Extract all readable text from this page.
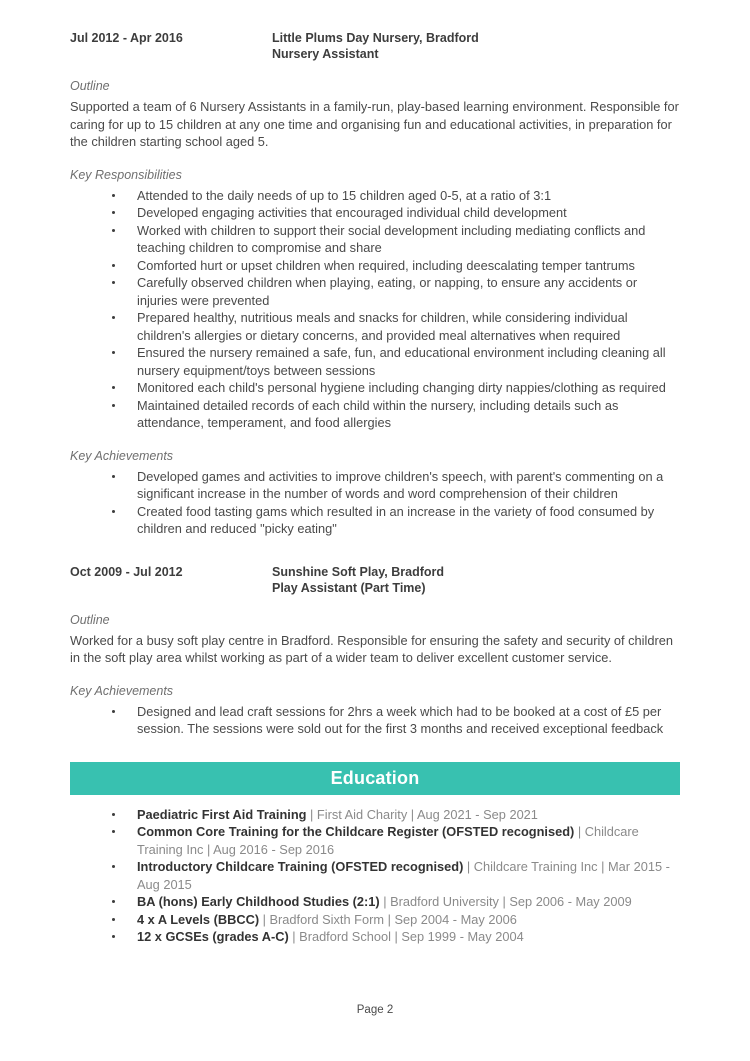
Jul 2012 - Apr 2016	Little Plums Day Nursery, Bradford
Nursery Assistant
Outline

Supported a team of 6 Nursery Assistants in a family-run, play-based learning environment. Responsible for caring for up to 15 children at any one time and organising fun and educational activities, in preparation for the children starting school aged 5.

Key Responsibilities
Attended to the daily needs of up to 15 children aged 0-5, at a ratio of 3:1
Developed engaging activities that encouraged individual child development
Worked with children to support their social development including mediating conflicts and teaching children to compromise and share
Comforted hurt or upset children when required, including deescalating temper tantrums
Carefully observed children when playing, eating, or napping, to ensure any accidents or injuries were prevented
Prepared healthy, nutritious meals and snacks for children, while considering individual children's allergies or dietary concerns, and provided meal alternatives when required
Ensured the nursery remained a safe, fun, and educational environment including cleaning all nursery equipment/toys between sessions
Monitored each child's personal hygiene including changing dirty nappies/clothing as required
Maintained detailed records of each child within the nursery, including details such as attendance, temperament, and food allergies
Key Achievements
Developed games and activities to improve children's speech, with parent's commenting on a significant increase in the number of words and word comprehension of their children
Created food tasting gams which resulted in an increase in the variety of food consumed by children and reduced "picky eating"
Oct 2009 - Jul 2012	Sunshine Soft Play, Bradford
Play Assistant (Part Time)
Outline

Worked for a busy soft play centre in Bradford. Responsible for ensuring the safety and security of children in the soft play area whilst working as part of a wider team to deliver excellent customer service.

Key Achievements
Designed and lead craft sessions for 2hrs a week which had to be booked at a cost of £5 per session. The sessions were sold out for the first 3 months and received exceptional feedback
Education
Paediatric First Aid Training | First Aid Charity | Aug 2021 - Sep 2021
Common Core Training for the Childcare Register (OFSTED recognised) | Childcare Training Inc | Aug 2016 - Sep 2016
Introductory Childcare Training (OFSTED recognised) | Childcare Training Inc | Mar 2015 - Aug 2015
BA (hons) Early Childhood Studies (2:1) | Bradford University | Sep 2006 - May 2009
4 x A Levels (BBCC) | Bradford Sixth Form | Sep 2004 - May 2006
12 x GCSEs (grades A-C) | Bradford School | Sep 1999 - May 2004
Page 2
